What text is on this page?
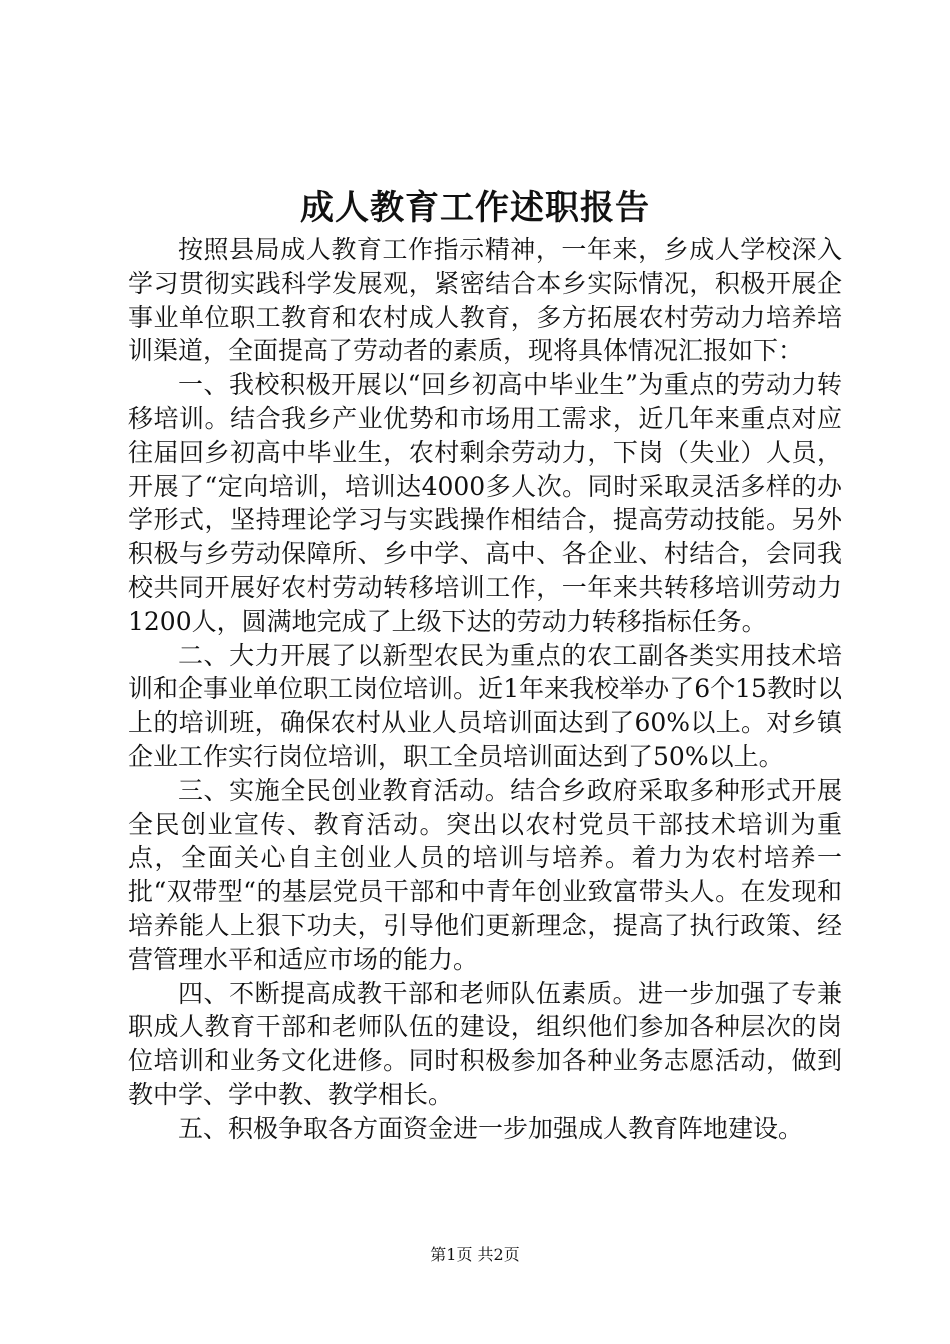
成人教育工作述职报告

按照县局成人教育工作指示精神，一年来，乡成人学校深入学习贯彻实践科学发展观，紧密结合本乡实际情况，积极开展企事业单位职工教育和农村成人教育，多方拓展农村劳动力培养培训渠道，全面提高了劳动者的素质，现将具体情况汇报如下：

一、我校积极开展以“回乡初高中毕业生”为重点的劳动力转移培训。结合我乡产业优势和市场用工需求，近几年来重点对应往届回乡初高中毕业生，农村剩余劳动力，下岗（失业）人员，开展了“定向培训，培训达4000多人次。同时采取灵活多样的办学形式，坚持理论学习与实践操作相结合，提高劳动技能。另外积极与乡劳动保障所、乡中学、高中、各企业、村结合，会同我校共同开展好农村劳动转移培训工作，一年来共转移培训劳动力1200人，圆满地完成了上级下达的劳动力转移指标任务。

二、大力开展了以新型农民为重点的农工副各类实用技术培训和企事业单位职工岗位培训。近1年来我校举办了6个15教时以上的培训班，确保农村从业人员培训面达到了60%以上。对乡镇企业工作实行岗位培训，职工全员培训面达到了50%以上。

三、实施全民创业教育活动。结合乡政府采取多种形式开展全民创业宣传、教育活动。突出以农村党员干部技术培训为重点，全面关心自主创业人员的培训与培养。着力为农村培养一批“双带型“的基层党员干部和中青年创业致富带头人。在发现和培养能人上狠下功夫，引导他们更新理念，提高了执行政策、经营管理水平和适应市场的能力。

四、不断提高成教干部和老师队伍素质。进一步加强了专兼职成人教育干部和老师队伍的建设，组织他们参加各种层次的岗位培训和业务文化进修。同时积极参加各种业务志愿活动，做到教中学、学中教、教学相长。

五、积极争取各方面资金进一步加强成人教育阵地建设。

第1页 共2页
